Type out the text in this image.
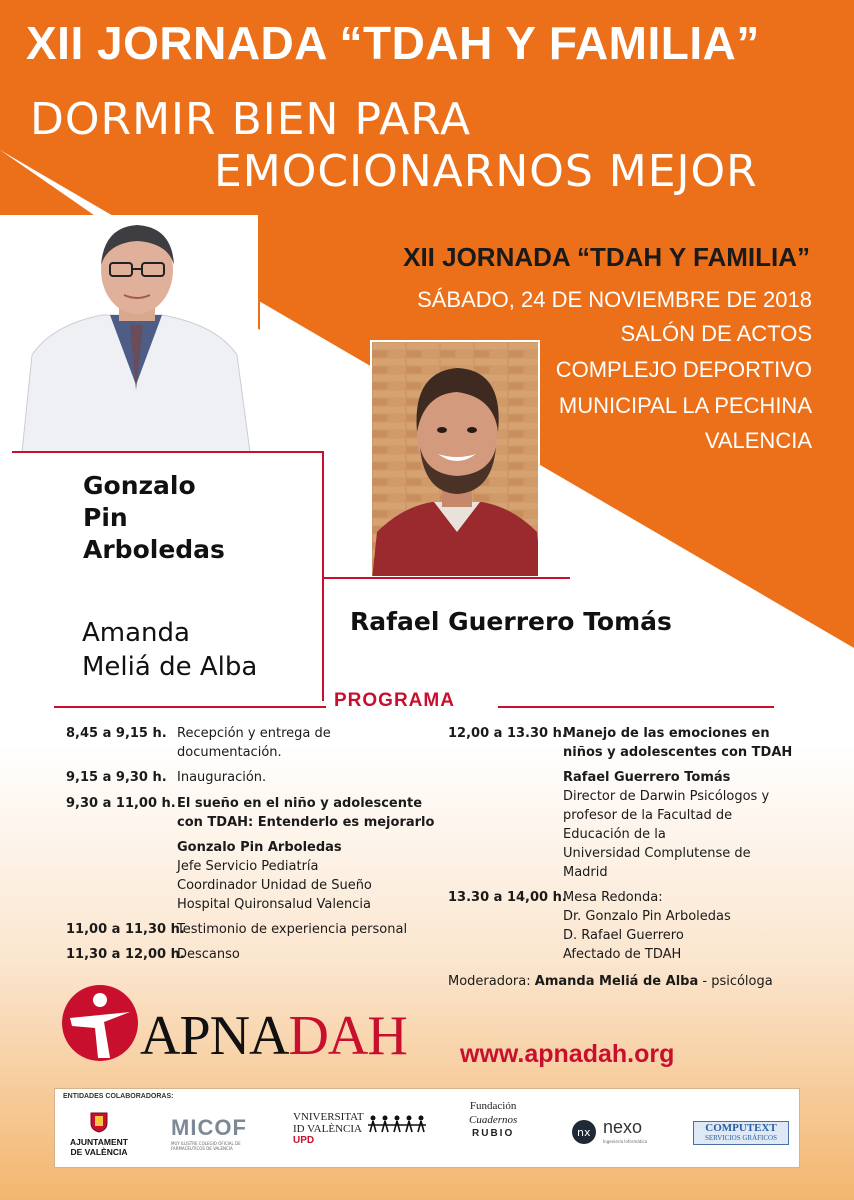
XII JORNADA “TDAH Y FAMILIA”
DORMIR BIEN PARA
EMOCIONARNOS MEJOR
XII JORNADA “TDAH Y FAMILIA”
SÁBADO, 24 DE NOVIEMBRE DE 2018
SALÓN DE ACTOS
COMPLEJO DEPORTIVO
MUNICIPAL LA PECHINA
VALENCIA
Gonzalo
Pin
Arboledas
Amanda
Meliá de Alba
Rafael Guerrero Tomás
PROGRAMA
8,45 a 9,15 h. Recepción y entrega de
documentación.
9,15 a 9,30 h. Inauguración.
9,30 a 11,00 h. El sueño en el niño y adolescente
con TDAH: Entenderlo es mejorarlo
Gonzalo Pin Arboledas
Jefe Servicio Pediatría
Coordinador Unidad de Sueño
Hospital Quironsalud Valencia
11,00 a 11,30 h.
Testimonio de experiencia personal
11,30 a 12,00 h.
Descanso
12,00 a 13.30 h.
Manejo de las emociones en
niños y adolescentes con TDAH
Rafael Guerrero Tomás
Director de Darwin Psicólogos y
profesor de la Facultad de
Educación de la
Universidad Complutense de
Madrid
13.30 a 14,00 h.
Mesa Redonda:
Dr. Gonzalo Pin Arboledas
D. Rafael Guerrero
Afectado de TDAH
Moderadora: Amanda Meliá de Alba - psicóloga
APNADAH www.apnadah.org
ENTIDADES COLABORADORAS:
AJUNTAMENT
DE VALÈNCIA
MICOF
MUY ILUSTRE COLEGIO OFICIAL DE FARMACÉUTICOS DE VALENCIA
VNIVERSITAT
ID VALÈNCIA
UPD
Fundación
Cuadernos
RUBIO	nx nexo
Ingeniería Informática
COMPUTEXT
SERVICIOS GRÁFICOS
